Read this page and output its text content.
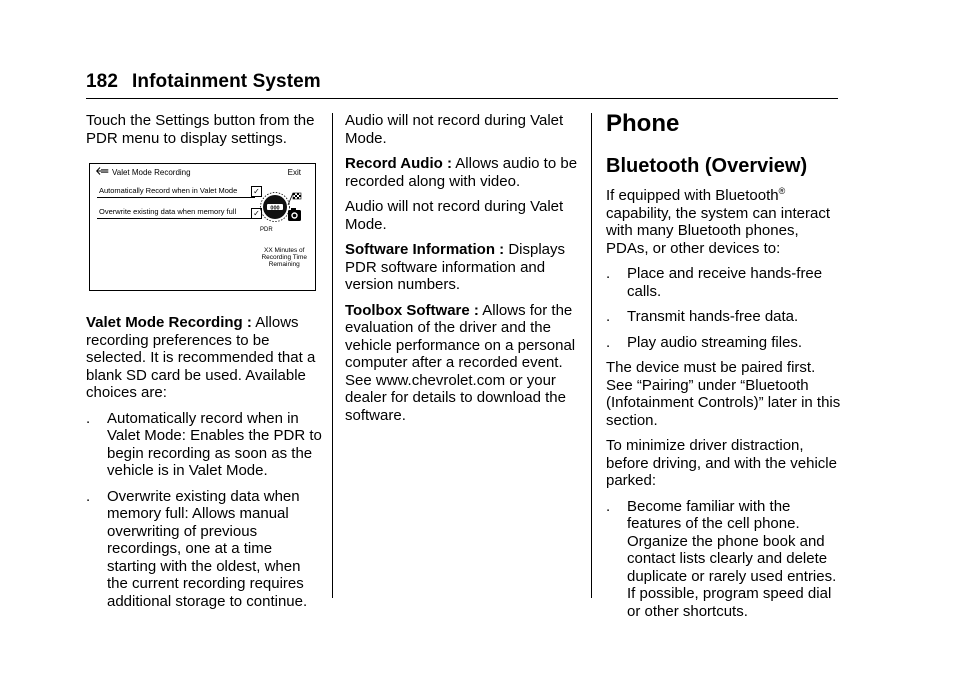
182 Infotainment System

Touch the Settings button from the PDR menu to display settings.

Valet Mode Recording	Exit
Automatically Record when in Valet Mode ✓
Overwrite existing data when memory full ✓
000
PDR
XX Minutes of
Recording Time
Remaining

Valet Mode Recording : Allows recording preferences to be selected. It is recommended that a blank SD card be used. Available choices are:

. Automatically record when in Valet Mode: Enables the PDR to begin recording as soon as the vehicle is in Valet Mode.
. Overwrite existing data when memory full: Allows manual overwriting of previous recordings, one at a time starting with the oldest, when the current recording requires additional storage to continue.

Audio will not record during Valet Mode.

Record Audio : Allows audio to be recorded along with video.

Audio will not record during Valet Mode.

Software Information : Displays PDR software information and version numbers.

Toolbox Software : Allows for the evaluation of the driver and the vehicle performance on a personal computer after a recorded event. See www.chevrolet.com or your dealer for details to download the software.

Phone
Bluetooth (Overview)

If equipped with Bluetooth® capability, the system can interact with many Bluetooth phones, PDAs, or other devices to:

. Place and receive hands-free calls.
. Transmit hands-free data.
. Play audio streaming files.

The device must be paired first. See “Pairing” under “Bluetooth (Infotainment Controls)” later in this section.

To minimize driver distraction, before driving, and with the vehicle parked:

. Become familiar with the features of the cell phone. Organize the phone book and contact lists clearly and delete duplicate or rarely used entries. If possible, program speed dial or other shortcuts.
